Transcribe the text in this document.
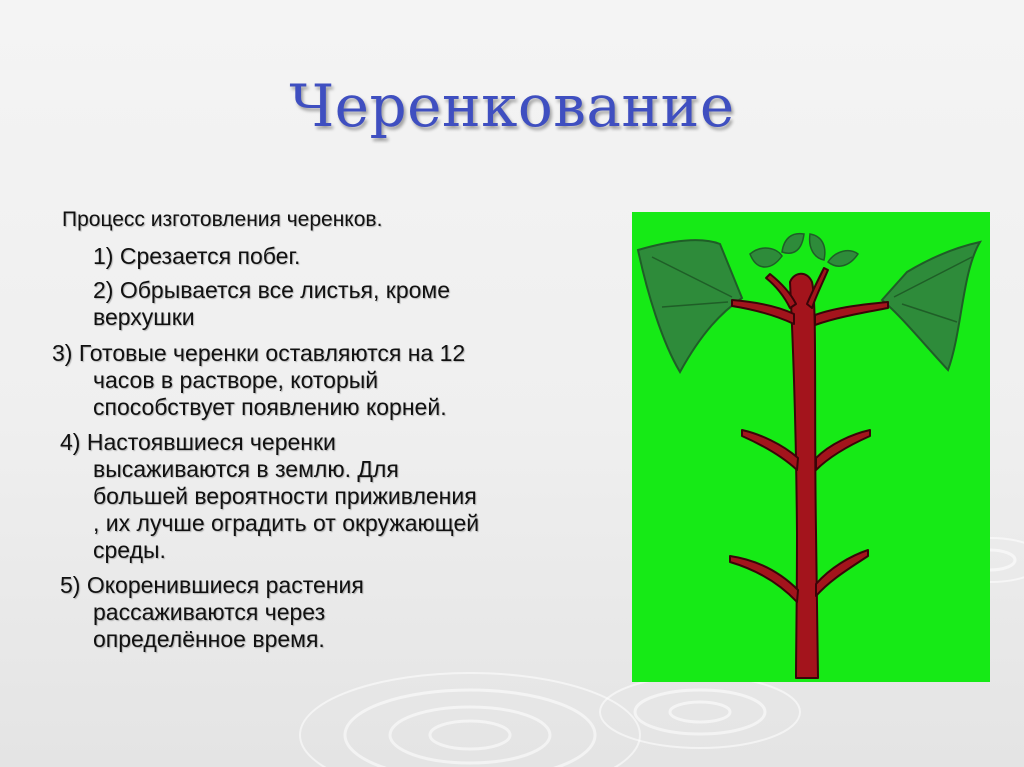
Черенкование
Процесс изготовления черенков.
1) Срезается побег.
2) Обрывается все листья, кроме
верхушки
3) Готовые черенки оставляются на 12
часов в растворе, который
способствует появлению корней.
4) Настоявшиеся черенки
высаживаются в землю. Для
большей вероятности приживления
, их лучше оградить от окружающей
среды.
5) Окоренившиеся растения
рассаживаются через
определённое время.
